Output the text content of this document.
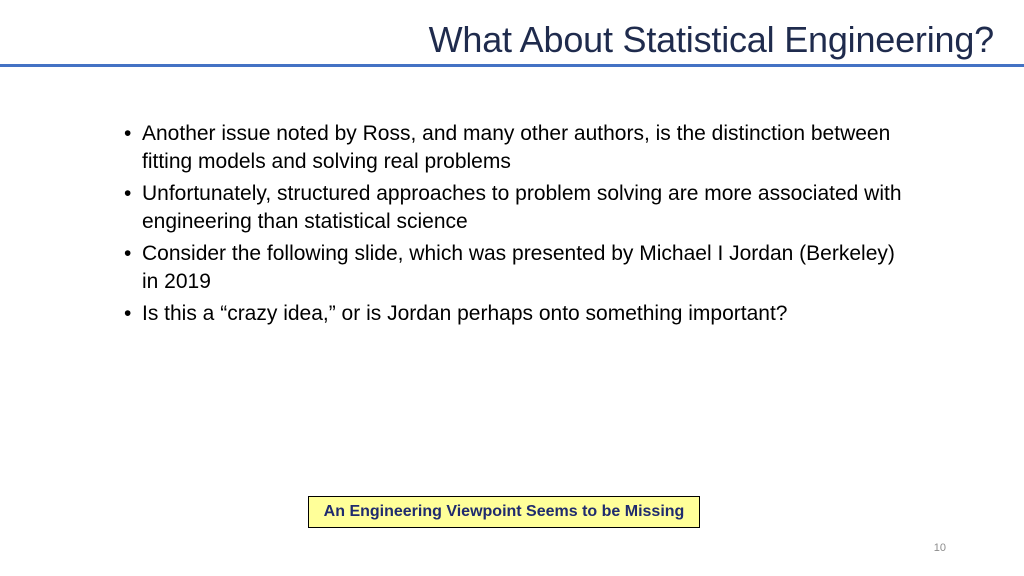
What About Statistical Engineering?
• Another issue noted by Ross, and many other authors, is the distinction between fitting models and solving real problems
• Unfortunately, structured approaches to problem solving are more associated with engineering than statistical science
• Consider the following slide, which was presented by Michael I Jordan (Berkeley) in 2019
• Is this a “crazy idea,” or is Jordan perhaps onto something important?
An Engineering Viewpoint Seems to be Missing
10
